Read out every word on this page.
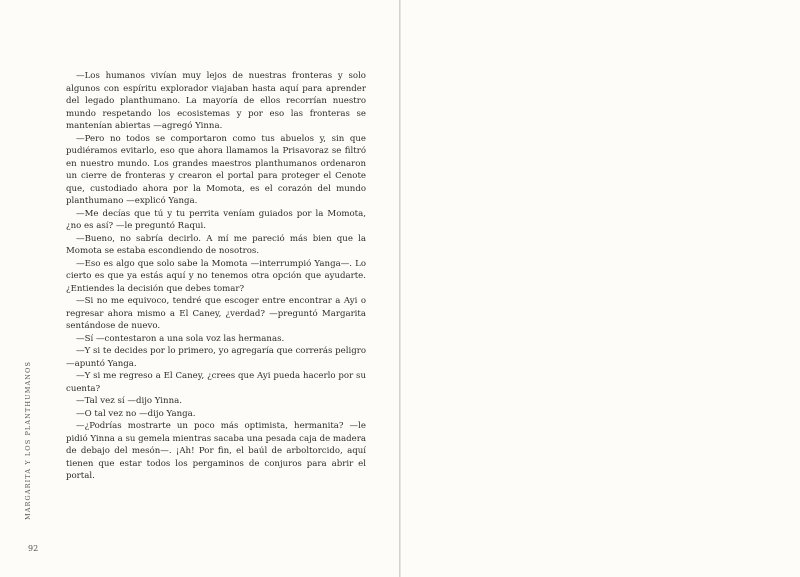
—Los humanos vivían muy lejos de nuestras fronteras y solo algunos con espíritu explorador viajaban hasta aquí para aprender del legado planthumano. La mayoría de ellos recorrían nuestro mundo respetando los ecosistemas y por eso las fronteras se mantenían abiertas —agregó Yinna.

—Pero no todos se comportaron como tus abuelos y, sin que pudiéramos evitarlo, eso que ahora llamamos la Prisavoraz se filtró en nuestro mundo. Los grandes maestros planthumanos ordenaron un cierre de fronteras y crearon el portal para proteger el Cenote que, custodiado ahora por la Momota, es el corazón del mundo planthumano —explicó Yanga.

—Me decías que tú y tu perrita veníam guiados por la Momota, ¿no es así? —le preguntó Raqui.

—Bueno, no sabría decirlo. A mí me pareció más bien que la Momota se estaba escondiendo de nosotros.

—Eso es algo que solo sabe la Momota —interrumpió Yanga—. Lo cierto es que ya estás aquí y no tenemos otra opción que ayudarte. ¿Entiendes la decisión que debes tomar?

—Si no me equivoco, tendré que escoger entre encontrar a Ayi o regresar ahora mismo a El Caney, ¿verdad? —preguntó Margarita sentándose de nuevo.

—Sí —contestaron a una sola voz las hermanas.

—Y si te decides por lo primero, yo agregaría que correrás peligro —apuntó Yanga.

—Y si me regreso a El Caney, ¿crees que Ayi pueda hacerlo por su cuenta?

—Tal vez sí —dijo Yinna.

—O tal vez no —dijo Yanga.

—¿Podrías mostrarte un poco más optimista, hermanita? —le pidió Yinna a su gemela mientras sacaba una pesada caja de madera de debajo del mesón—. ¡Ah! Por fin, el baúl de arboltorcido, aquí tienen que estar todos los pergaminos de conjuros para abrir el portal.

MARGARITA Y LOS PLANTHUMANOS
92
